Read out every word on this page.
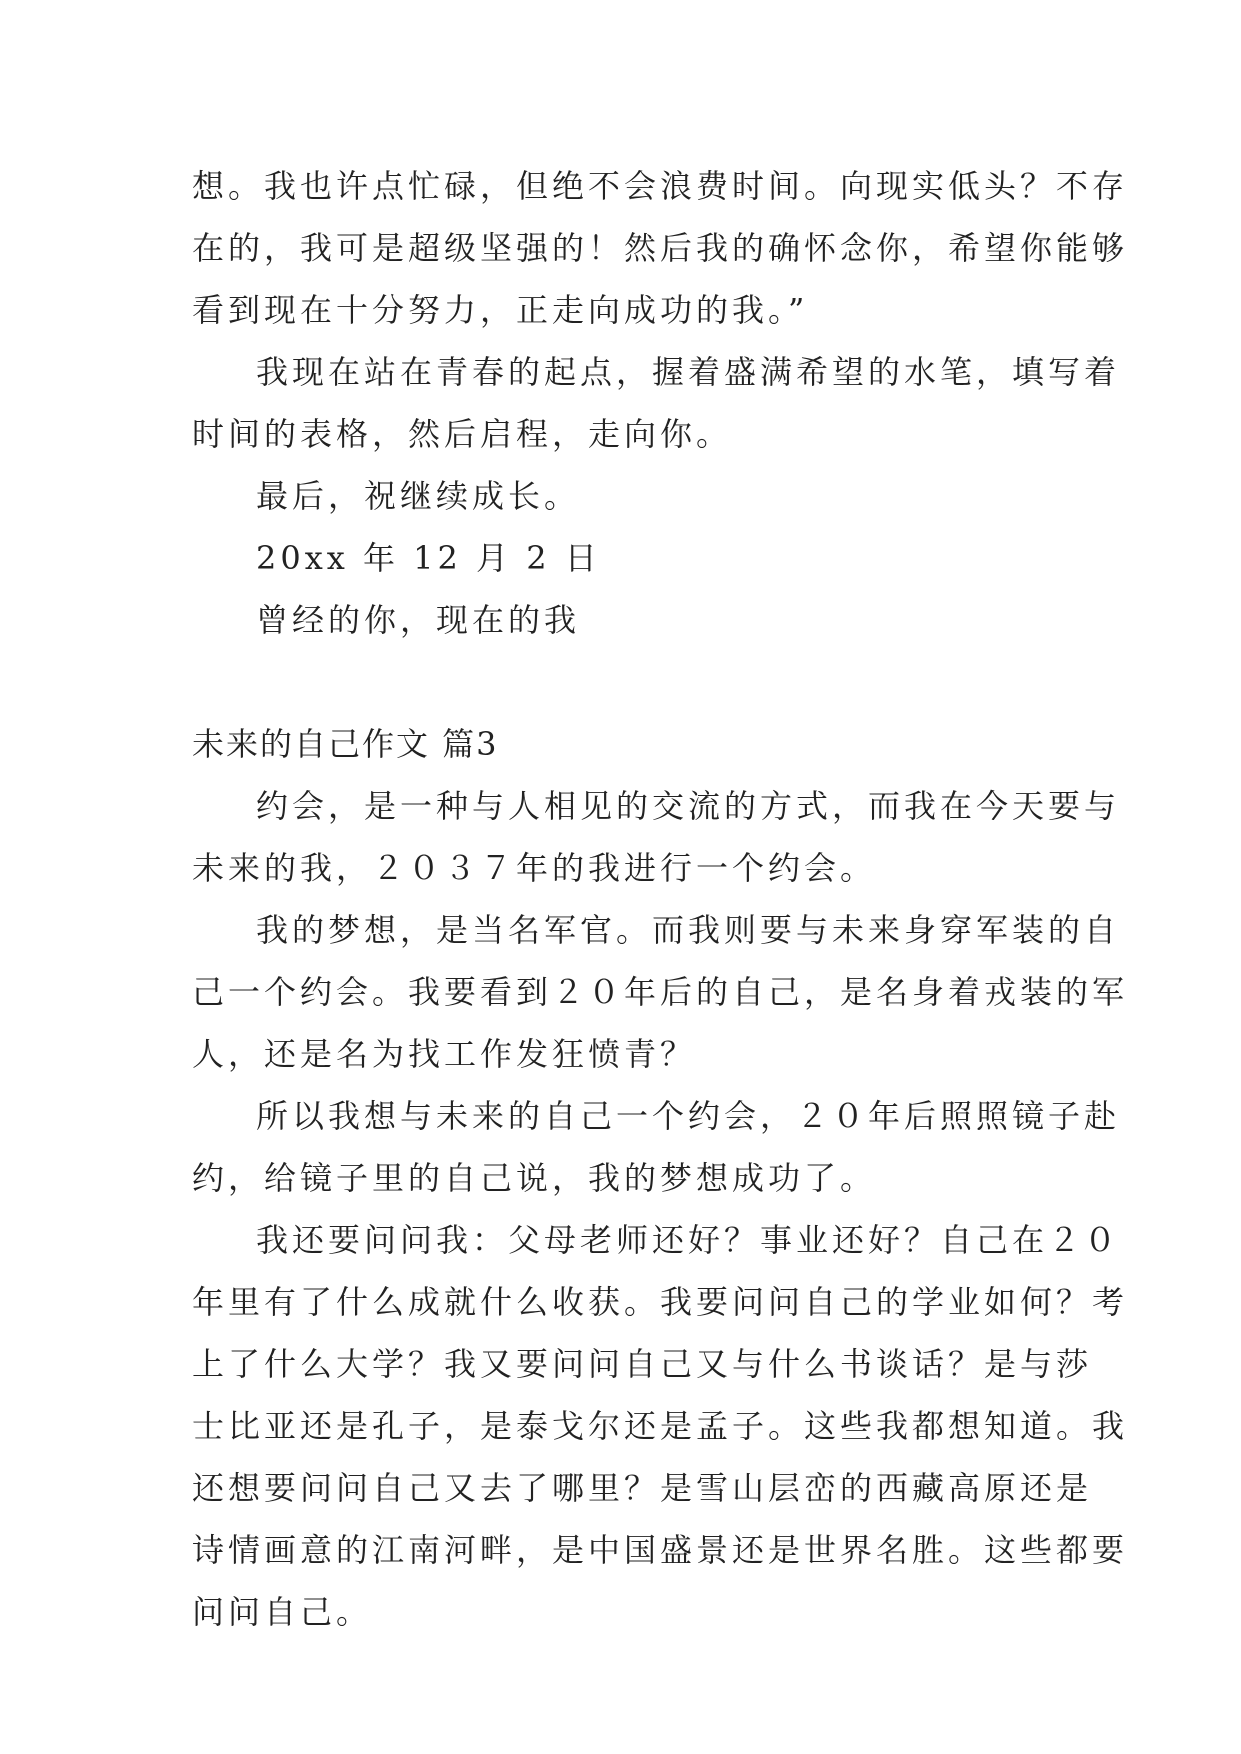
想。我也许点忙碌，但绝不会浪费时间。向现实低头？不存
在的，我可是超级坚强的！然后我的确怀念你，希望你能够
看到现在十分努力，正走向成功的我。”
我现在站在青春的起点，握着盛满希望的水笔，填写着
时间的表格，然后启程，走向你。
最后，祝继续成长。
20xx 年 12 月 2 日
曾经的你，现在的我
未来的自己作文 篇3
约会，是一种与人相见的交流的方式，而我在今天要与
未来的我，２０３７年的我进行一个约会。
我的梦想，是当名军官。而我则要与未来身穿军装的自
己一个约会。我要看到２０年后的自己，是名身着戎装的军
人，还是名为找工作发狂愤青？
所以我想与未来的自己一个约会，２０年后照照镜子赴
约，给镜子里的自己说，我的梦想成功了。
我还要问问我：父母老师还好？事业还好？自己在２０
年里有了什么成就什么收获。我要问问自己的学业如何？考
上了什么大学？我又要问问自己又与什么书谈话？是与莎
士比亚还是孔子，是泰戈尔还是孟子。这些我都想知道。我
还想要问问自己又去了哪里？是雪山层峦的西藏高原还是
诗情画意的江南河畔，是中国盛景还是世界名胜。这些都要
问问自己。
